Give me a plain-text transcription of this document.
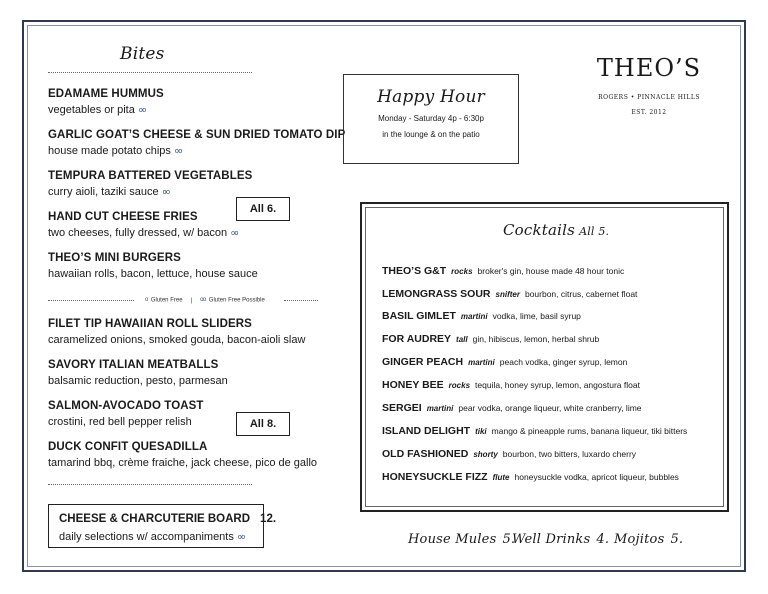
Bites
EDAMAME HUMMUS
vegetables or pita oo
GARLIC GOAT’S CHEESE & SUN DRIED TOMATO DIP
house made potato chips oo
TEMPURA BATTERED VEGETABLES
curry aioli, taziki sauce oo
HAND CUT CHEESE FRIES
two cheeses, fully dressed, w/ bacon oo
THEO’S MINI BURGERS
hawaiian rolls, bacon, lettuce, house sauce
All 6.
o Gluten Free | oo Gluten Free Possible
FILET TIP HAWAIIAN ROLL SLIDERS
caramelized onions, smoked gouda, bacon-aioli slaw
SAVORY ITALIAN MEATBALLS
balsamic reduction, pesto, parmesan
SALMON-AVOCADO TOAST
crostini, red bell pepper relish
DUCK CONFIT QUESADILLA
tamarind bbq, crème fraiche, jack cheese, pico de gallo
All 8.
CHEESE & CHARCUTERIE BOARD 12.
daily selections w/ accompaniments oo
Happy Hour
Monday - Saturday 4p - 6:30p
in the lounge & on the patio
THEO’S
ROGERS • PINNACLE HILLS
EST. 2012
Cocktails All 5.
THEO’S G&T rocks broker's gin, house made 48 hour tonic
LEMONGRASS SOUR snifter bourbon, citrus, cabernet float
BASIL GIMLET martini vodka, lime, basil syrup
FOR AUDREY tall gin, hibiscus, lemon, herbal shrub
GINGER PEACH martini peach vodka, ginger syrup, lemon
HONEY BEE rocks tequila, honey syrup, lemon, angostura float
SERGEI martini pear vodka, orange liqueur, white cranberry, lime
ISLAND DELIGHT tiki mango & pineapple rums, banana liqueur, tiki bitters
OLD FASHIONED shorty bourbon, two bitters, luxardo cherry
HONEYSUCKLE FIZZ flute honeysuckle vodka, apricot liqueur, bubbles
House Mules 5.
Well Drinks 4. Mojitos 5.
